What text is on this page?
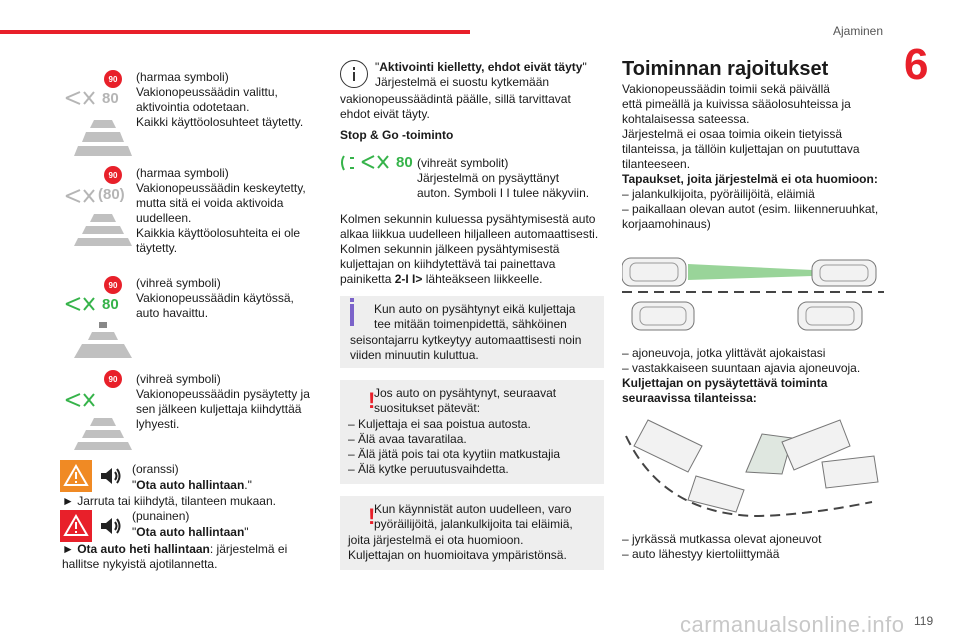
Ajaminen
6
119
carmanualsonline.info
90
80
(harmaa symboli)
Vakionopeussäädin valittu,
aktivointia odotetaan.
Kaikki käyttöolosuhteet täytetty.
90
(80)
(harmaa symboli)
Vakionopeussäädin keskeytetty,
mutta sitä ei voida aktivoida
uudelleen.
Kaikkia käyttöolosuhteita ei ole
täytetty.
90
80
(vihreä symboli)
Vakionopeussäädin käytössä,
auto havaittu.
90	(vihreä symboli)
Vakionopeussäädin pysäytetty ja
sen jälkeen kuljettaja kiihdyttää
lyhyesti.
(oranssi)
"Ota auto hallintaan."
► Jarruta tai kiihdytä, tilanteen mukaan.
(punainen)
"Ota auto hallintaan"
► Ota auto heti hallintaan: järjestelmä ei
hallitse nykyistä ajotilannetta.
"Aktivointi kielletty, ehdot eivät täyty"
Järjestelmä ei suostu kytkemään
vakionopeussäädintä päälle, sillä tarvittavat
ehdot eivät täyty.
Stop & Go -toiminto
80 (vihreät symbolit)
Järjestelmä on pysäyttänyt
auton. Symboli I I tulee näkyviin.
Kolmen sekunnin kuluessa pysähtymisestä auto
alkaa liikkua uudelleen hiljalleen automaattisesti.
Kolmen sekunnin jälkeen pysähtymisestä
kuljettajan on kiihdytettävä tai painettava
painiketta 2-I I> lähteäkseen liikkeelle.
Kun auto on pysähtynyt eikä kuljettaja
tee mitään toimenpidettä, sähköinen
seisontajarru kytkeytyy automaattisesti noin
viiden minuutin kuluttua.
!
Jos auto on pysähtynyt, seuraavat
suositukset pätevät:
– Kuljettaja ei saa poistua autosta.
– Älä avaa tavaratilaa.
– Älä jätä pois tai ota kyytiin matkustajia
– Älä kytke peruutusvaihdetta.
!
Kun käynnistät auton uudelleen, varo
pyöräilijöitä, jalankulkijoita tai eläimiä,
joita järjestelmä ei ota huomioon.
Kuljettajan on huomioitava ympäristönsä.
Toiminnan rajoitukset
Vakionopeussäädin toimii sekä päivällä
että pimeällä ja kuivissa sääolosuhteissa ja
kohtalaisessa sateessa.
Järjestelmä ei osaa toimia oikein tietyissä
tilanteissa, ja tällöin kuljettajan on puututtava
tilanteeseen.
Tapaukset, joita järjestelmä ei ota huomioon:
– jalankulkijoita, pyöräilijöitä, eläimiä
– paikallaan olevan autot (esim. liikenneruuhkat,
korjaamohinaus)
– ajoneuvoja, jotka ylittävät ajokaistasi
– vastakkaiseen suuntaan ajavia ajoneuvoja.
Kuljettajan on pysäytettävä toiminta
seuraavissa tilanteissa:
– jyrkässä mutkassa olevat ajoneuvot
– auto lähestyy kiertoliittymää
